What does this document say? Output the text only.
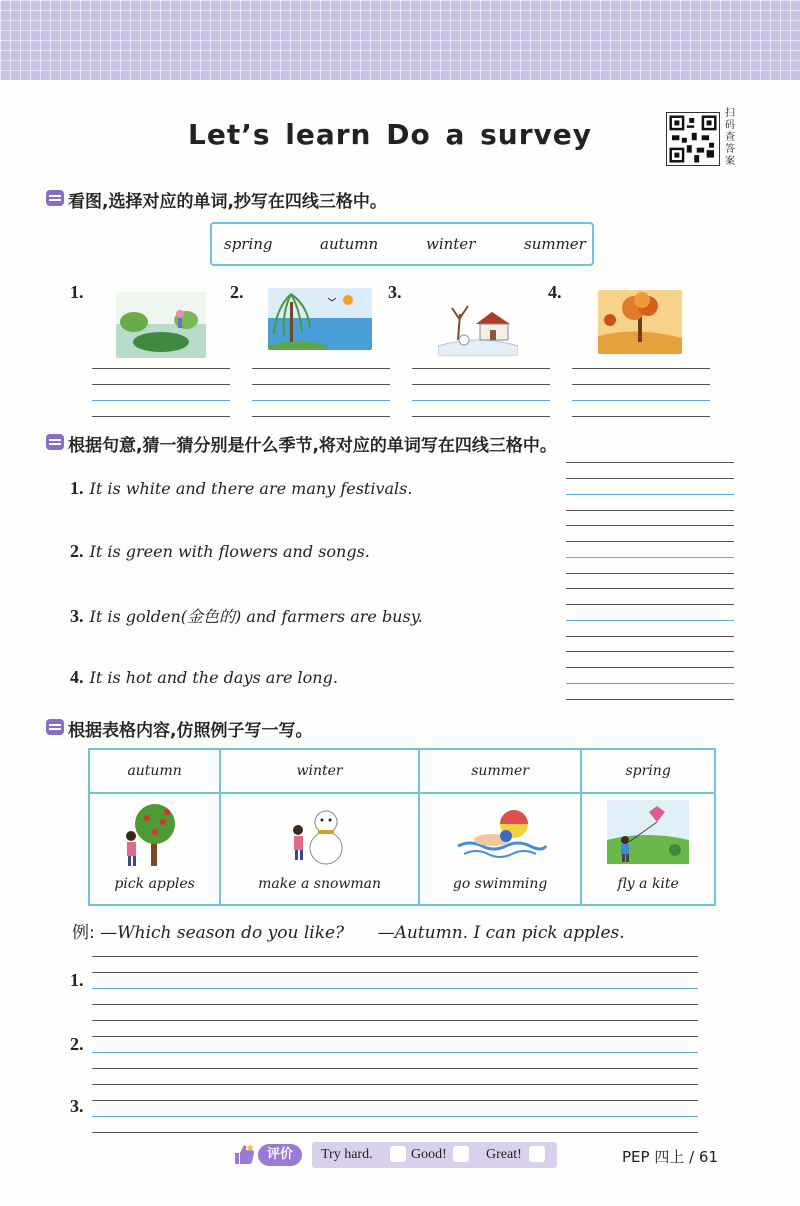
Let’s learn Do a survey
扫码查答案
看图,选择对应的单词,抄写在四线三格中。
spring	autumn	winter	summer
1.	2.	3.	4.
根据句意,猜一猜分别是什么季节,将对应的单词写在四线三格中。
1. It is white and there are many festivals.
2. It is green with flowers and songs.
3. It is golden(金色的) and farmers are busy.
4. It is hot and the days are long.
根据表格内容,仿照例子写一写。
autumn	winter	summer	spring

pick apples	make a snowman	go swimming	fly a kite
例: —Which season do you like? —Autumn. I can pick apples.
1.
2.
3.
评价	Try hard.	Good!	Great!	PEP 四上 / 61
